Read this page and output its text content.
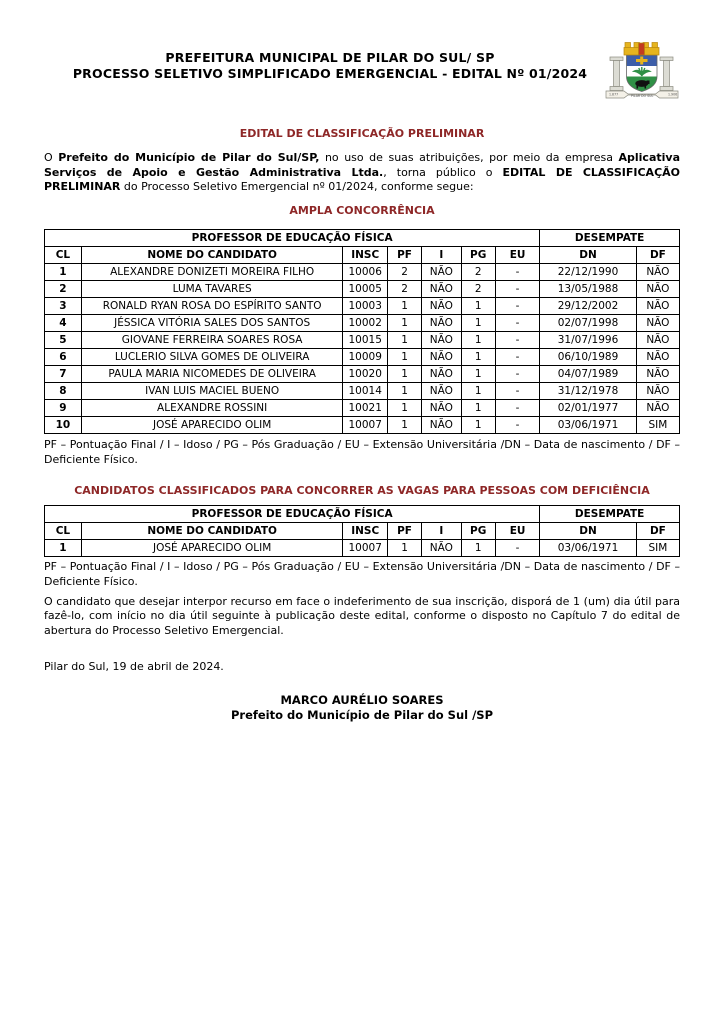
PREFEITURA MUNICIPAL DE PILAR DO SUL/ SP
PROCESSO SELETIVO SIMPLIFICADO EMERGENCIAL - EDITAL Nº 01/2024
1.877	PILAR DO SUL	1.906
EDITAL DE CLASSIFICAÇÃO PRELIMINAR

O Prefeito do Município de Pilar do Sul/SP, no uso de suas atribuições, por meio da empresa Aplicativa Serviços de Apoio e Gestão Administrativa Ltda., torna público o EDITAL DE CLASSIFICAÇÃO PRELIMINAR do Processo Seletivo Emergencial nº 01/2024, conforme segue:

AMPLA CONCORRÊNCIA
PROFESSOR DE EDUCAÇÃO FÍSICA							DESEMPATE	
CL	NOME DO CANDIDATO	INSC	PF	I	PG	EU	DN	DF
1	ALEXANDRE DONIZETI MOREIRA FILHO	10006	2	NÃO	2	-	22/12/1990	NÃO
2	LUMA TAVARES	10005	2	NÃO	2	-	13/05/1988	NÃO
3	RONALD RYAN ROSA DO ESPÍRITO SANTO	10003	1	NÃO	1	-	29/12/2002	NÃO
4	JÉSSICA VITÓRIA SALES DOS SANTOS	10002	1	NÃO	1	-	02/07/1998	NÃO
5	GIOVANE FERREIRA SOARES ROSA	10015	1	NÃO	1	-	31/07/1996	NÃO
6	LUCLERIO SILVA GOMES DE OLIVEIRA	10009	1	NÃO	1	-	06/10/1989	NÃO
7	PAULA MARIA NICOMEDES DE OLIVEIRA	10020	1	NÃO	1	-	04/07/1989	NÃO
8	IVAN LUIS MACIEL BUENO	10014	1	NÃO	1	-	31/12/1978	NÃO
9	ALEXANDRE ROSSINI	10021	1	NÃO	1	-	02/01/1977	NÃO
10	JOSÉ APARECIDO OLIM	10007	1	NÃO	1	-	03/06/1971	SIM

PF – Pontuação Final / I – Idoso / PG – Pós Graduação / EU – Extensão Universitária /DN – Data de nascimento / DF – Deficiente Físico.

CANDIDATOS CLASSIFICADOS PARA CONCORRER AS VAGAS PARA PESSOAS COM DEFICIÊNCIA
PROFESSOR DE EDUCAÇÃO FÍSICA							DESEMPATE	
CL	NOME DO CANDIDATO	INSC	PF	I	PG	EU	DN	DF
1	JOSÉ APARECIDO OLIM	10007	1	NÃO	1	-	03/06/1971	SIM

PF – Pontuação Final / I – Idoso / PG – Pós Graduação / EU – Extensão Universitária /DN – Data de nascimento / DF – Deficiente Físico.

O candidato que desejar interpor recurso em face o indeferimento de sua inscrição, disporá de 1 (um) dia útil para fazê-lo, com início no dia útil seguinte à publicação deste edital, conforme o disposto no Capítulo 7 do edital de abertura do Processo Seletivo Emergencial.

Pilar do Sul, 19 de abril de 2024.

MARCO AURÉLIO SOARES
Prefeito do Município de Pilar do Sul /SP
